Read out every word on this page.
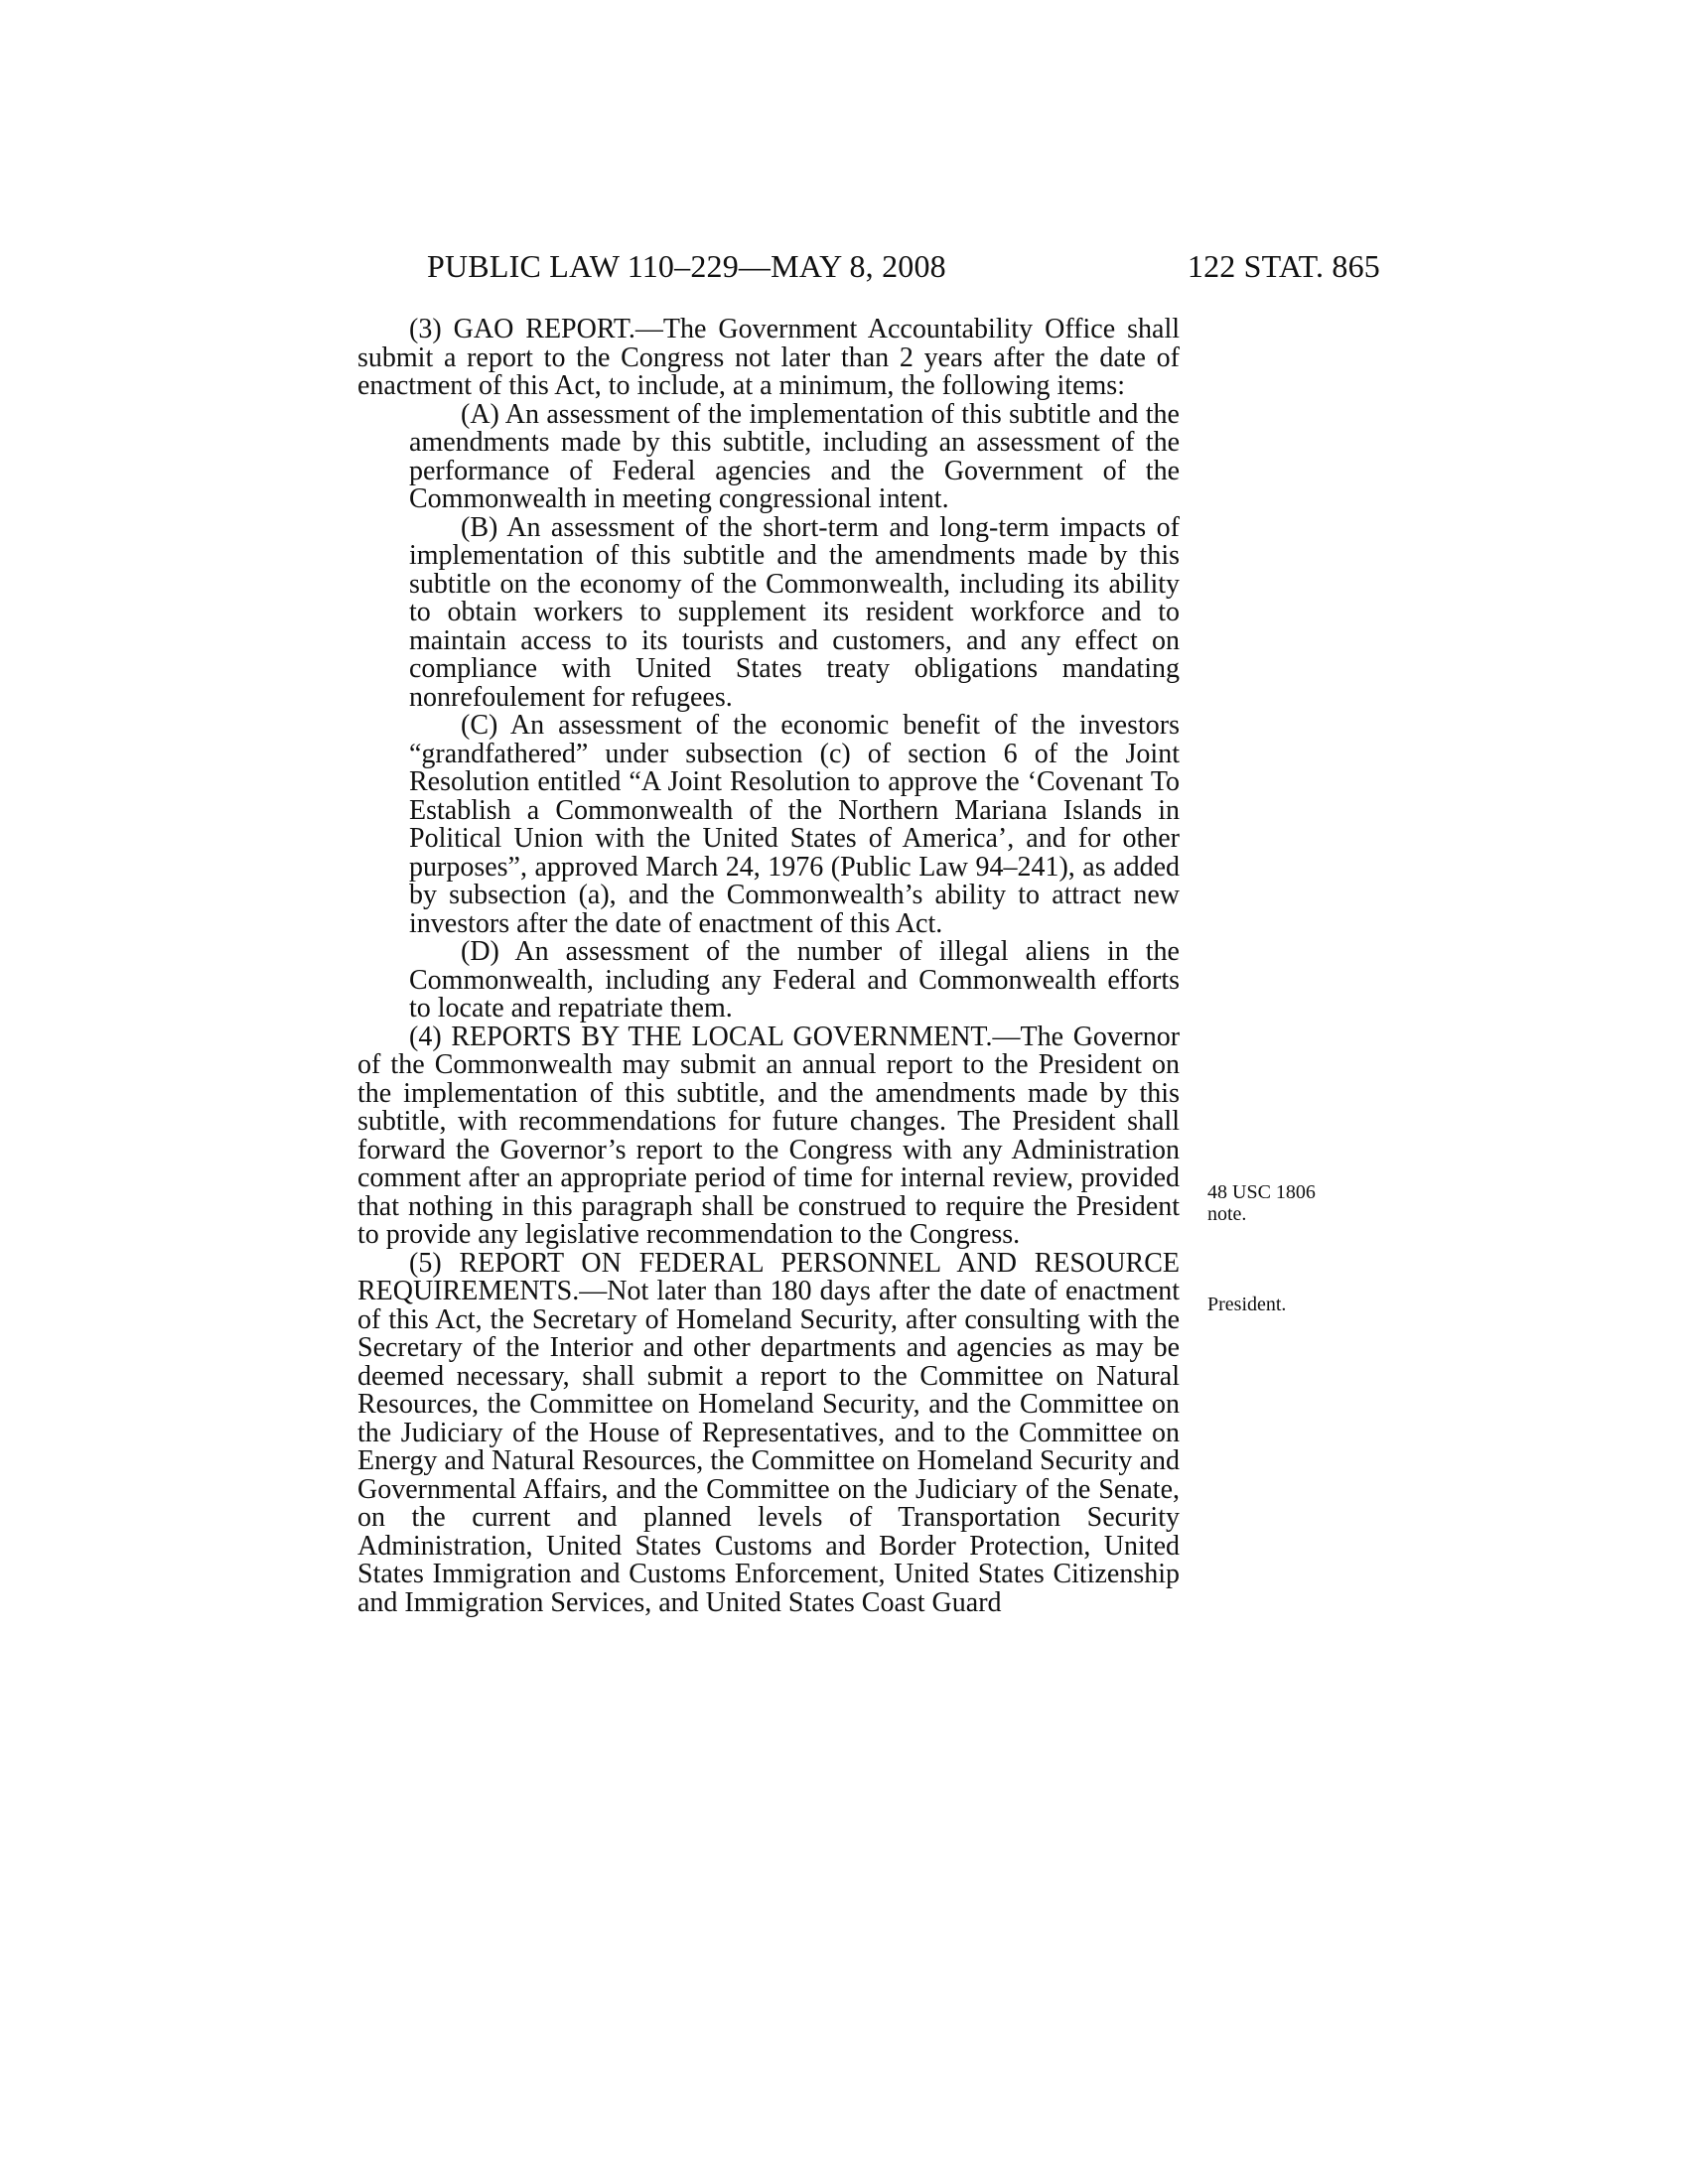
PUBLIC LAW 110–229—MAY 8, 2008	122 STAT. 865

(3) GAO REPORT.—The Government Accountability Office shall submit a report to the Congress not later than 2 years after the date of enactment of this Act, to include, at a minimum, the following items:

(A) An assessment of the implementation of this subtitle and the amendments made by this subtitle, including an assessment of the performance of Federal agencies and the Government of the Commonwealth in meeting congressional intent.

(B) An assessment of the short-term and long-term impacts of implementation of this subtitle and the amendments made by this subtitle on the economy of the Commonwealth, including its ability to obtain workers to supplement its resident workforce and to maintain access to its tourists and customers, and any effect on compliance with United States treaty obligations mandating nonrefoulement for refugees.

(C) An assessment of the economic benefit of the investors “grandfathered” under subsection (c) of section 6 of the Joint Resolution entitled “A Joint Resolution to approve the ‘Covenant To Establish a Commonwealth of the Northern Mariana Islands in Political Union with the United States of America’, and for other purposes”, approved March 24, 1976 (Public Law 94–241), as added by subsection (a), and the Commonwealth’s ability to attract new investors after the date of enactment of this Act.

(D) An assessment of the number of illegal aliens in the Commonwealth, including any Federal and Commonwealth efforts to locate and repatriate them.

(4) REPORTS BY THE LOCAL GOVERNMENT.—The Governor of the Commonwealth may submit an annual report to the President on the implementation of this subtitle, and the amendments made by this subtitle, with recommendations for future changes. The President shall forward the Governor’s report to the Congress with any Administration comment after an appropriate period of time for internal review, provided that nothing in this paragraph shall be construed to require the President to provide any legislative recommendation to the Congress.

(5) REPORT ON FEDERAL PERSONNEL AND RESOURCE REQUIREMENTS.—Not later than 180 days after the date of enactment of this Act, the Secretary of Homeland Security, after consulting with the Secretary of the Interior and other departments and agencies as may be deemed necessary, shall submit a report to the Committee on Natural Resources, the Committee on Homeland Security, and the Committee on the Judiciary of the House of Representatives, and to the Committee on Energy and Natural Resources, the Committee on Homeland Security and Governmental Affairs, and the Committee on the Judiciary of the Senate, on the current and planned levels of Transportation Security Administration, United States Customs and Border Protection, United States Immigration and Customs Enforcement, United States Citizenship and Immigration Services, and United States Coast Guard

48 USC 1806 note.
President.
